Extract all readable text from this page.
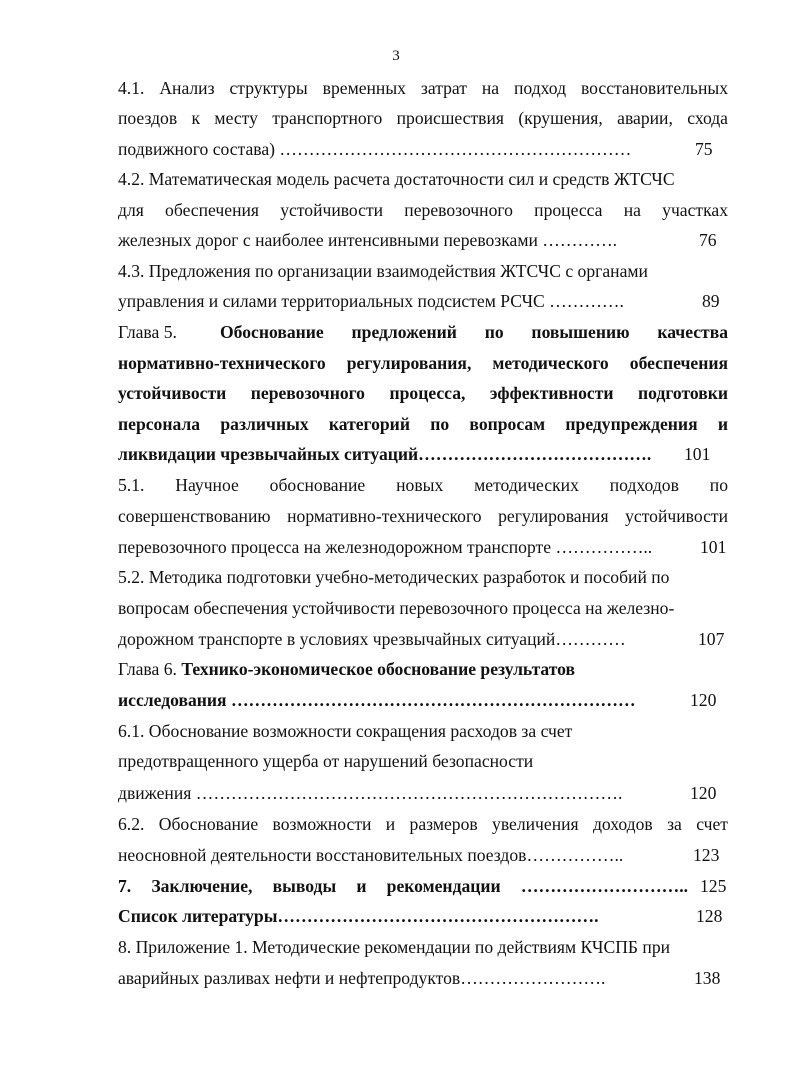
3
4.1. Анализ структуры временных затрат на подход восстановительных
поездов к месту транспортного происшествия (крушения, аварии, схода
подвижного состава) ……………………………………………………	75
4.2. Математическая модель расчета достаточности сил и средств ЖТСЧС
для обеспечения устойчивости перевозочного процесса на участках
железных дорог с наиболее интенсивными перевозками ………….	76
4.3. Предложения по организации взаимодействия ЖТСЧС с органами
управления и силами территориальных подсистем РСЧС ………….	89
Глава 5. Обоснование предложений по повышению качества
нормативно-технического регулирования, методического обеспечения
устойчивости перевозочного процесса, эффективности подготовки
персонала различных категорий по вопросам предупреждения и
ликвидации чрезвычайных ситуаций…………………………………. 101
5.1. Научное обоснование новых методических подходов по
совершенствованию нормативно-технического регулирования устойчивости
перевозочного процесса на железнодорожном транспорте ……………..	101
5.2. Методика подготовки учебно-методических разработок и пособий по
вопросам обеспечения устойчивости перевозочного процесса на железно-
дорожном транспорте в условиях чрезвычайных ситуаций…………	107
Глава 6. Технико-экономическое обоснование результатов
исследования ……………………………………………………………	120
6.1. Обоснование возможности сокращения расходов за счет
предотвращенного ущерба от нарушений безопасности
движения ……………………………………………………………….	120
6.2. Обоснование возможности и размеров увеличения доходов за счет
неосновной деятельности восстановительных поездов……………..	123
7. Заключение, выводы и рекомендации ……………………….. 125
Список литературы……………………………………………….	128
8. Приложение 1. Методические рекомендации по действиям КЧСПБ при
аварийных разливах нефти и нефтепродуктов…………………….	138
